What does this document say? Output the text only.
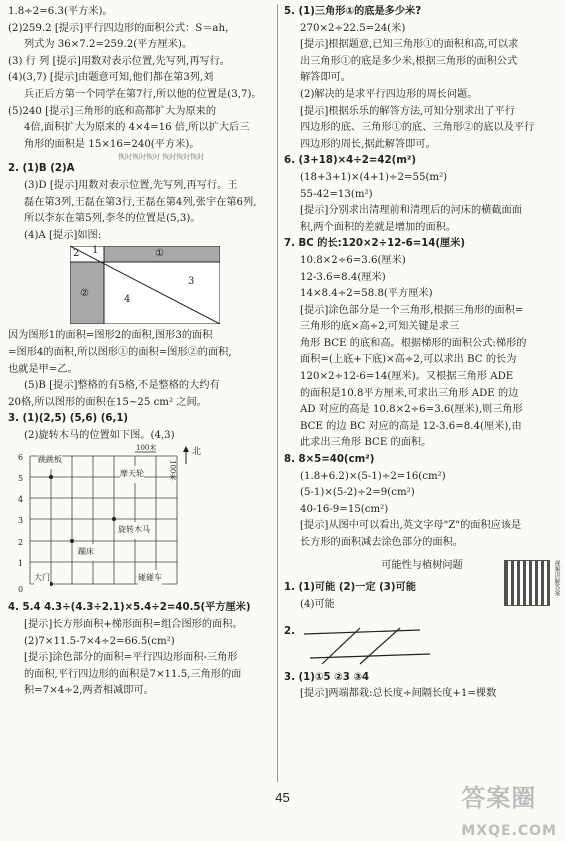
1.8÷2=6.3(平方米)。
(2)259.2 [提示]平行四边形的面积公式：S＝ah，
列式为 36×7.2=259.2(平方厘米)。
(3) 行 列 [提示]用数对表示位置,先写列,再写行。
(4)(3,7) [提示]由题意可知,他们都在第3列,刘
兵正后方第一个同学在第7行,所以他的位置是(3,7)。
(5)240 [提示]三角形的底和高都扩大为原来的
4倍,面积扩大为原来的 4×4=16 倍,所以扩大后三
角形的面积是 15×16=240(平方米)。
恢时恢时恢时 恢时恢时恢时
2. (1)B (2)A
(3)D [提示]用数对表示位置,先写列,再写行。王
磊在第3列,王磊在第3行,王磊在第4列,张宇在第6列,
所以李东在第5列,李冬的位置是(5,3)。
(4)A [提示]如图:
2 1	①
②
4
3
因为图形1的面积=图形2的面积,图形3的面积
=图形4的面积,所以图形①的面积=图形②的面积,
也就是甲=乙。
(5)B [提示]整格的有5格,不是整格的大约有
20格,所以图形的面积在15~25 cm² 之间。
3. (1)(2,5) (5,6) (6,1)
(2)旋转木马的位置如下图。(4,3)
100米
100米
北
6
5
4
3
2
1
0
跳跳板
摩天轮
旋转木马
蹦床
大门	碰碰车
4. 5.4 4.3÷(4.3÷2.1)×5.4÷2=40.5(平方厘米)
[提示]长方形面积+梯形面积=组合图形的面积。
(2)7×11.5-7×4÷2=66.5(cm²)
[提示]涂色部分的面积=平行四边形面积-三角形
的面积,平行四边形的面积是7×11.5,三角形的面
积=7×4÷2,两者相减即可。
5. (1)三角形①的底是多少米?
270×2÷22.5=24(米)
[提示]根据题意,已知三角形①的面积和高,可以求
出三角形①的底是多少米,根据三角形的面积公式
解答即可。
(2)解决的是求平行四边形的周长问题。
[提示]根据乐乐的解答方法,可知分别求出了平行
四边形的底、三角形①的底、三角形②的底以及平行
四边形的周长,据此解答即可。
6. (3+18)×4÷2=42(m²)
(18+3+1)×(4+1)÷2=55(m²)
55-42=13(m²)
[提示]分别求出清理前和清理后的河床的横截面面
积,两个面积的差就是增加的面积。
7. BC 的长:120×2÷12-6=14(厘米)
10.8×2÷6=3.6(厘米)
12-3.6=8.4(厘米)
14×8.4÷2=58.8(平方厘米)
[提示]涂色部分是一个三角形,根据三角形的面积=
三角形的底×高÷2,可知关键是求三
角形 BCE 的底和高。根据梯形的面积公式:梯形的
面积=(上底+下底)×高÷2,可以求出 BC 的长为
120×2÷12-6=14(厘米)。又根据三角形 ADE
的面积是10.8平方厘米,可求出三角形 ADE 的边
AD 对应的高是 10.8×2÷6=3.6(厘米),则三角形
BCE 的边 BC 对应的高是 12-3.6=8.4(厘米),由
此求出三角形 BCE 的面积。
8. 8×5=40(cm²)
(1.8+6.2)×(5-1)÷2=16(cm²)
(5-1)×(5-2)÷2=9(cm²)
40-16-9=15(cm²)
[提示]从图中可以看出,英文字母"Z"的面积应该是
长方形的面积减去涂色部分的面积。
可能性与植树问题	视频讲解答案
1. (1)可能 (2)一定 (3)可能
(4)可能
2.
3. (1)①5 ②3 ③4
[提示]两端都栽:总长度÷间隔长度+1=棵数
45	答案圈
MXQE.COM
